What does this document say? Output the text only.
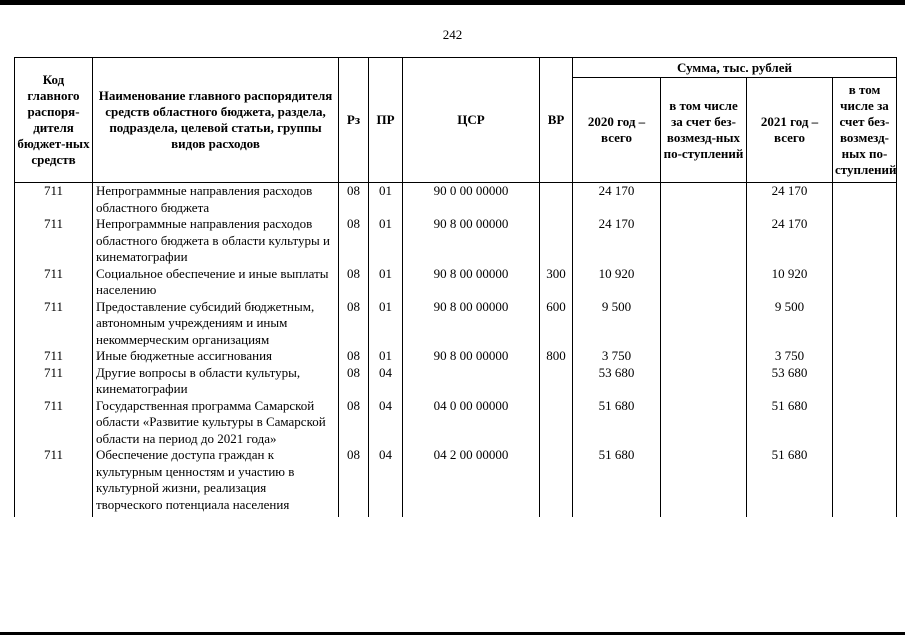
242
Код главного распоря-дителя бюджет-ных средств	Наименование главного распорядителя средств областного бюджета, раздела, подраздела, целевой статьи, группы видов расходов	Рз	ПР	ЦСР	ВР	Сумма, тыс. рублей			
						2020 год – всего	в том числе за счет без-возмезд-ных по-ступлений	2021 год – всего	в том числе за счет без-возмезд-ных по-ступлений
711	Непрограммные направления расходов областного бюджета	08	01	90 0 00 00000		24 170		24 170	
711	Непрограммные направления расходов областного бюджета в области культуры и кинематографии	08	01	90 8 00 00000		24 170		24 170	
711	Социальное обеспечение и иные выплаты населению	08	01	90 8 00 00000	300	10 920		10 920	
711	Предоставление субсидий бюджетным, автономным учреждениям и иным некоммерческим организациям	08	01	90 8 00 00000	600	9 500		9 500	
711	Иные бюджетные ассигнования	08	01	90 8 00 00000	800	3 750		3 750	
711	Другие вопросы в области культуры, кинематографии	08	04			53 680		53 680	
711	Государственная программа Самарской области «Развитие культуры в Самарской области на период до 2021 года»	08	04	04 0 00 00000		51 680		51 680	
711	Обеспечение доступа граждан к культурным ценностям и участию в культурной жизни, реализация творческого потенциала населения	08	04	04 2 00 00000		51 680		51 680	
